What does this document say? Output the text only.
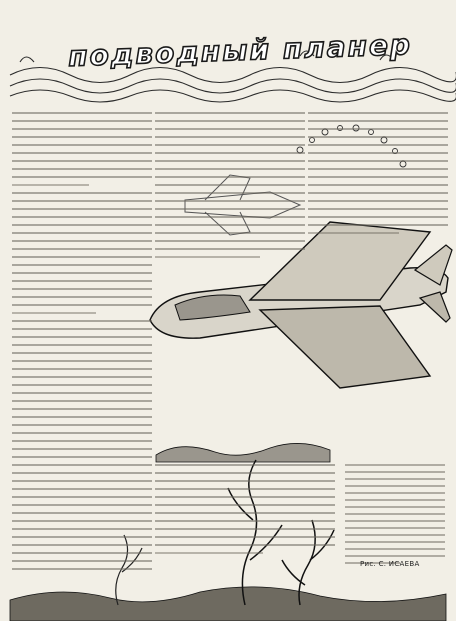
подводный планер
Рис. С. ИСАЕВА
